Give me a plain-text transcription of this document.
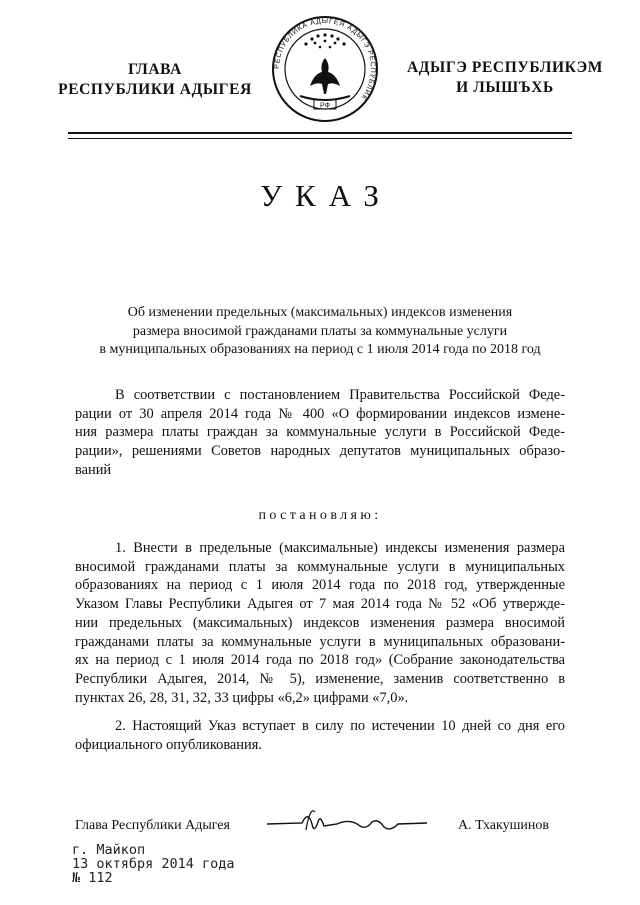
ГЛАВА
РЕСПУБЛИКИ АДЫГЕЯ
РЕСПУБЛИКА АДЫГЕЯ АДЫГЭ РЕСПУБЛИК
РФ
АДЫГЭ РЕСПУБЛИКЭМ
И ЛЫШЪХЬ
УКАЗ
Об изменении предельных (максимальных) индексов изменения
размера вносимой гражданами платы за коммунальные услуги
в муниципальных образованиях на период с 1 июля 2014 года по 2018 год
В соответствии с постановлением Правительства Российской Феде-
рации от 30 апреля 2014 года № 400 «О формировании индексов измене-
ния размера платы граждан за коммунальные услуги в Российской Феде-
рации», решениями Советов народных депутатов муниципальных образо-
ваний
постановляю:
1. Внести в предельные (максимальные) индексы изменения размера
вносимой гражданами платы за коммунальные услуги в муниципальных
образованиях на период с 1 июля 2014 года по 2018 год, утвержденные
Указом Главы Республики Адыгея от 7 мая 2014 года № 52 «Об утвержде-
нии предельных (максимальных) индексов изменения размера вносимой
гражданами платы за коммунальные услуги в муниципальных образовани-
ях на период с 1 июля 2014 года по 2018 год» (Собрание законодательства
Республики Адыгея, 2014, № 5), изменение, заменив соответственно в
пунктах 26, 28, 31, 32, 33 цифры «6,2» цифрами «7,0».
2. Настоящий Указ вступает в силу по истечении 10 дней со дня его
официального опубликования.
Глава Республики Адыгея	А. Тхакушинов
г. Майкоп
13 октября 2014 года
№ 112
